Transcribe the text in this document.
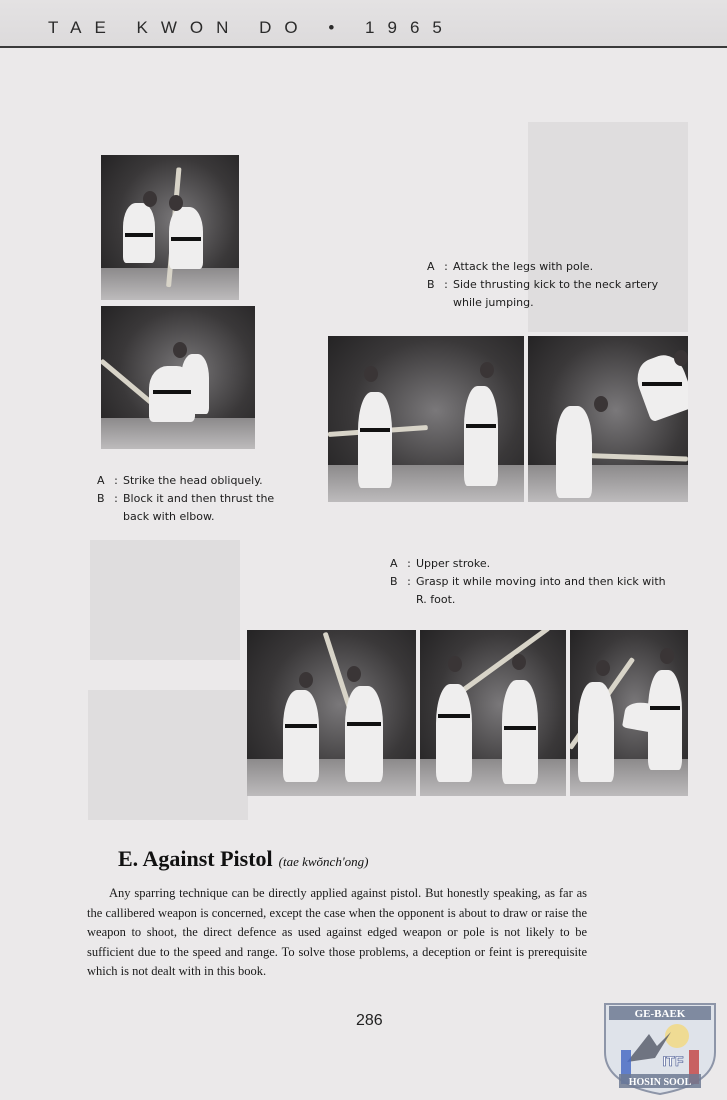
TAE KWON DO • 1965
A : Attack the legs with pole.
B : Side thrusting kick to the neck artery
while jumping.
A : Strike the head obliquely.
B : Block it and then thrust the
back with elbow.
A : Upper stroke.
B : Grasp it while moving into and then kick with
R. foot.
E. Against Pistol (tae kwŏnch'ong)
Any sparring technique can be directly applied against pistol. But honestly speaking, as far as the callibered weapon is concerned, except the case when the opponent is about to draw or raise the weapon to shoot, the direct defence as used against edged weapon or pole is not likely to be sufficient due to the speed and range. To solve those problems, a deception or feint is prerequisite which is not dealt with in this book.
286	GE-BAEK
ITF
HOSIN SOOL
